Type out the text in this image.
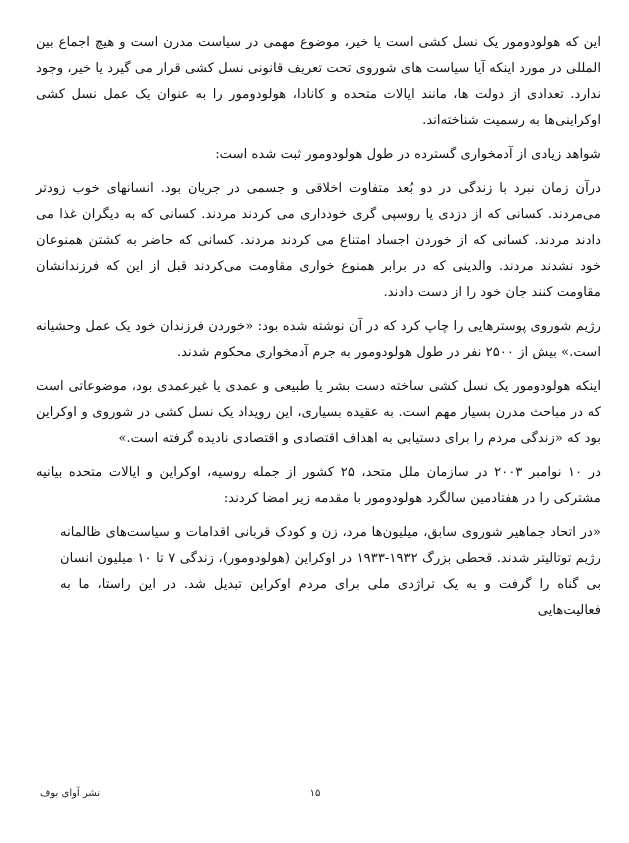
این که هولودومور یک نسل کشی است یا خیر، موضوع مهمی در سیاست مدرن است و هیچ اجماع بین المللی در مورد اینکه آیا سیاست های شوروی تحت تعریف قانونی نسل کشی قرار می گیرد یا خیر، وجود ندارد. تعدادی از دولت ها، مانند ایالات متحده و کانادا، هولودومور را به عنوان یک عمل نسل کشی اوکراینی‌ها به رسمیت شناخته‌اند.

شواهد زیادی از آدمخواری گسترده در طول هولودومور ثبت شده است:

درآن زمان نبرد با زندگی در دو بُعد متفاوت اخلاقی و جسمی در جریان بود. انسانهای خوب زودتر می‌مردند. کسانی که از دزدی یا روسپی گری خودداری می کردند مردند. کسانی که به دیگران غذا می دادند مردند. کسانی که از خوردن اجساد امتناع می کردند مردند. کسانی که حاضر به کشتن همنوعان خود نشدند مردند. والدینی که در برابر همنوع خواری مقاومت می‌کردند قبل از این که فرزندانشان مقاومت کنند جان خود را از دست دادند.

رژیم شوروی پوسترهایی را چاپ کرد که در آن نوشته شده بود: «خوردن فرزندان خود یک عمل وحشیانه است.» بیش از ۲۵۰۰ نفر در طول هولودومور به جرم آدمخواری محکوم شدند.

اینکه هولودومور یک نسل کشی ساخته دست بشر یا طبیعی و عمدی یا غیرعمدی بود، موضوعاتی است که در مباحث مدرن بسیار مهم است. به عقیده بسیاری، این رویداد یک نسل کشی در شوروی و اوکراین بود که «زندگی مردم را برای دستیابی به اهداف اقتصادی و اقتصادی نادیده گرفته است.»

در ۱۰ نوامبر ۲۰۰۳ در سازمان ملل متحد، ۲۵ کشور از جمله روسیه، اوکراین و ایالات متحده بیانیه مشترکی را در هفتادمین سالگرد هولودومور با مقدمه زیر امضا کردند:

«در اتحاد جماهیر شوروی سابق، میلیون‌ها مرد، زن و کودک قربانی اقدامات و سیاست‌های ظالمانه رژیم توتالیتر شدند. قحطی بزرگ ۱۹۳۲-۱۹۳۳ در اوکراین (هولودومور)، زندگی ۷ تا ۱۰ میلیون انسان بی گناه را گرفت و به یک تراژدی ملی برای مردم اوکراین تبدیل شد. در این راستا، ما به فعالیت‌هایی

۱۵
نشر آوای بوف
